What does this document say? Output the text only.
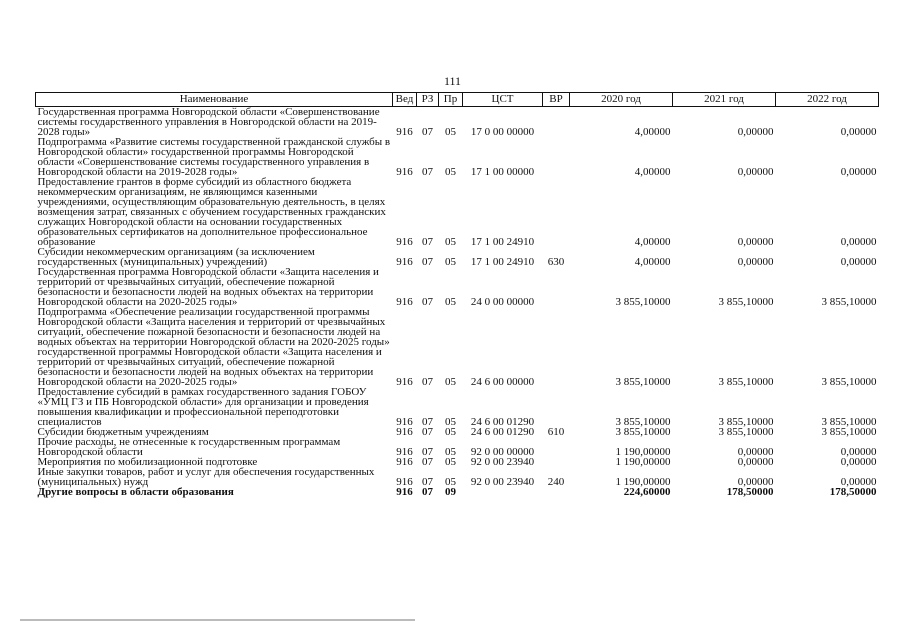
111
Наименование	Вед	РЗ	Пр	ЦСТ	ВР	2020 год	2021 год	2022 год
Государственная программа Новгородской области «Совершенствование системы государственного управления в Новгородской области на 2019-2028 годы»	916	07	05	17 0 00 00000		4,00000	0,00000	0,00000
Подпрограмма «Развитие системы государственной гражданской службы в Новгородской области» государственной программы Новгородской области «Совершенствование системы государственного управления в Новгородской области на 2019-2028 годы»	916	07	05	17 1 00 00000		4,00000	0,00000	0,00000
Предоставление грантов в форме субсидий из областного бюджета некоммерческим организациям, не являющимся казенными учреждениями, осуществляющим образовательную деятельность, в целях возмещения затрат, связанных с обучением государственных гражданских служащих Новгородской области на основании государственных образовательных сертификатов на дополнительное профессиональное образование	916	07	05	17 1 00 24910		4,00000	0,00000	0,00000
Субсидии некоммерческим организациям (за исключением государственных (муниципальных) учреждений)	916	07	05	17 1 00 24910	630	4,00000	0,00000	0,00000
Государственная программа Новгородской области «Защита населения и территорий от чрезвычайных ситуаций, обеспечение пожарной безопасности и безопасности людей на водных объектах на территории Новгородской области на 2020-2025 годы»	916	07	05	24 0 00 00000		3 855,10000	3 855,10000	3 855,10000
Подпрограмма «Обеспечение реализации государственной программы Новгородской области «Защита населения и территорий от чрезвычайных ситуаций, обеспечение пожарной безопасности и безопасности людей на водных объектах на территории Новгородской области на 2020-2025 годы» государственной программы Новгородской области «Защита населения и территорий от чрезвычайных ситуаций, обеспечение пожарной безопасности и безопасности людей на водных объектах на территории Новгородской области на 2020-2025 годы»	916	07	05	24 6 00 00000		3 855,10000	3 855,10000	3 855,10000
Предоставление субсидий в рамках государственного задания ГОБОУ «УМЦ ГЗ и ПБ Новгородской области» для организации и проведения повышения квалификации и профессиональной переподготовки специалистов	916	07	05	24 6 00 01290		3 855,10000	3 855,10000	3 855,10000
Субсидии бюджетным учреждениям	916	07	05	24 6 00 01290	610	3 855,10000	3 855,10000	3 855,10000
Прочие расходы, не отнесенные к государственным программам Новгородской области	916	07	05	92 0 00 00000		1 190,00000	0,00000	0,00000
Мероприятия по мобилизационной подготовке	916	07	05	92 0 00 23940		1 190,00000	0,00000	0,00000
Иные закупки товаров, работ и услуг для обеспечения государственных (муниципальных) нужд	916	07	05	92 0 00 23940	240	1 190,00000	0,00000	0,00000
Другие вопросы в области образования	916	07	09			224,60000	178,50000	178,50000
